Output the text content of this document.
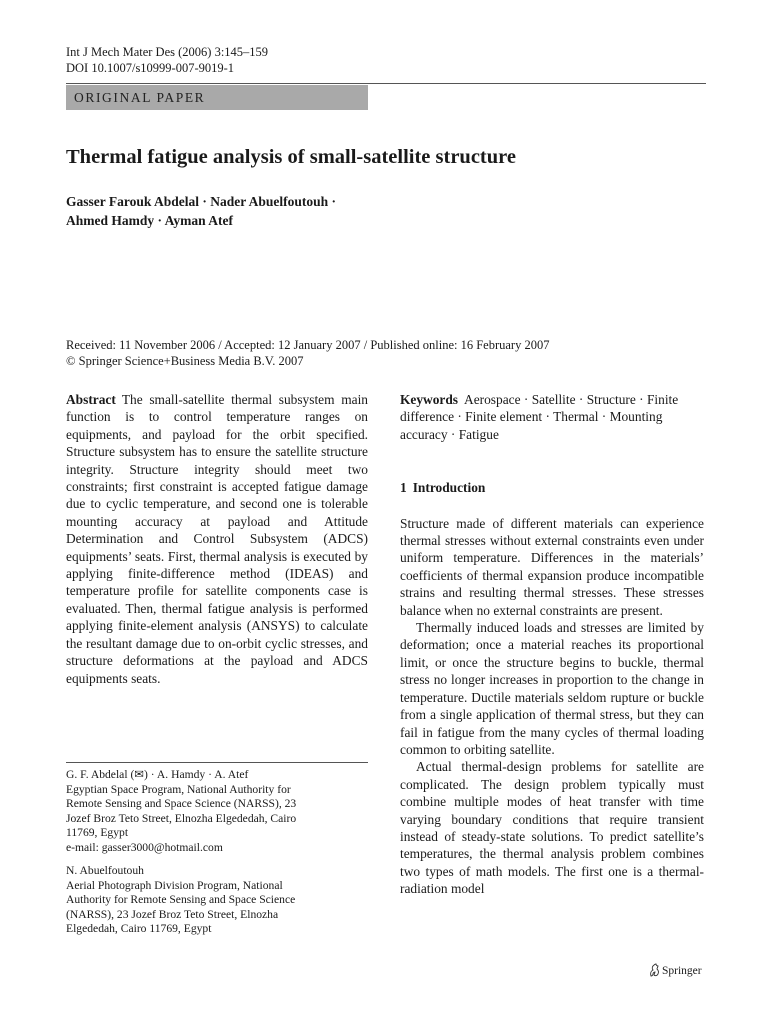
Int J Mech Mater Des (2006) 3:145–159
DOI 10.1007/s10999-007-9019-1
ORIGINAL PAPER
Thermal fatigue analysis of small-satellite structure
Gasser Farouk Abdelal · Nader Abuelfoutouh ·
Ahmed Hamdy · Ayman Atef
Received: 11 November 2006 / Accepted: 12 January 2007 / Published online: 16 February 2007
© Springer Science+Business Media B.V. 2007

Abstract The small-satellite thermal subsystem main function is to control temperature ranges on equipments, and payload for the orbit specified. Structure subsystem has to ensure the satellite structure integrity. Structure integrity should meet two constraints; first constraint is accepted fatigue damage due to cyclic temperature, and second one is tolerable mounting accuracy at payload and Attitude Determination and Control Subsystem (ADCS) equipments’ seats. First, thermal analysis is executed by applying finite-difference method (IDEAS) and temperature profile for satellite components case is evaluated. Then, thermal fatigue analysis is performed applying finite-element analysis (ANSYS) to calculate the resultant damage due to on-orbit cyclic stresses, and structure deformations at the payload and ADCS equipments seats.

Keywords Aerospace · Satellite · Structure · Finite difference · Finite element · Thermal · Mounting accuracy · Fatigue

1 Introduction

Structure made of different materials can experience thermal stresses without external constraints even under uniform temperature. Differences in the materials’ coefficients of thermal expansion produce incompatible strains and resulting thermal stresses. These stresses balance when no external constraints are present.

Thermally induced loads and stresses are limited by deformation; once a material reaches its proportional limit, or once the structure begins to buckle, thermal stress no longer increases in proportion to the change in temperature. Ductile materials seldom rupture or buckle from a single application of thermal stress, but they can fail in fatigue from the many cycles of thermal loading common to orbiting satellite.

Actual thermal-design problems for satellite are complicated. The design problem typically must combine multiple modes of heat transfer with time varying boundary conditions that require transient instead of steady-state solutions. To predict satellite’s temperatures, the thermal analysis problem combines two types of math models. The first one is a thermal-radiation model

G. F. Abdelal (✉) · A. Hamdy · A. Atef
Egyptian Space Program, National Authority for
Remote Sensing and Space Science (NARSS), 23
Jozef Broz Teto Street, Elnozha Elgededah, Cairo
11769, Egypt
e-mail: gasser3000@hotmail.com
N. Abuelfoutouh
Aerial Photograph Division Program, National
Authority for Remote Sensing and Space Science
(NARSS), 23 Jozef Broz Teto Street, Elnozha
Elgededah, Cairo 11769, Egypt
Springer
